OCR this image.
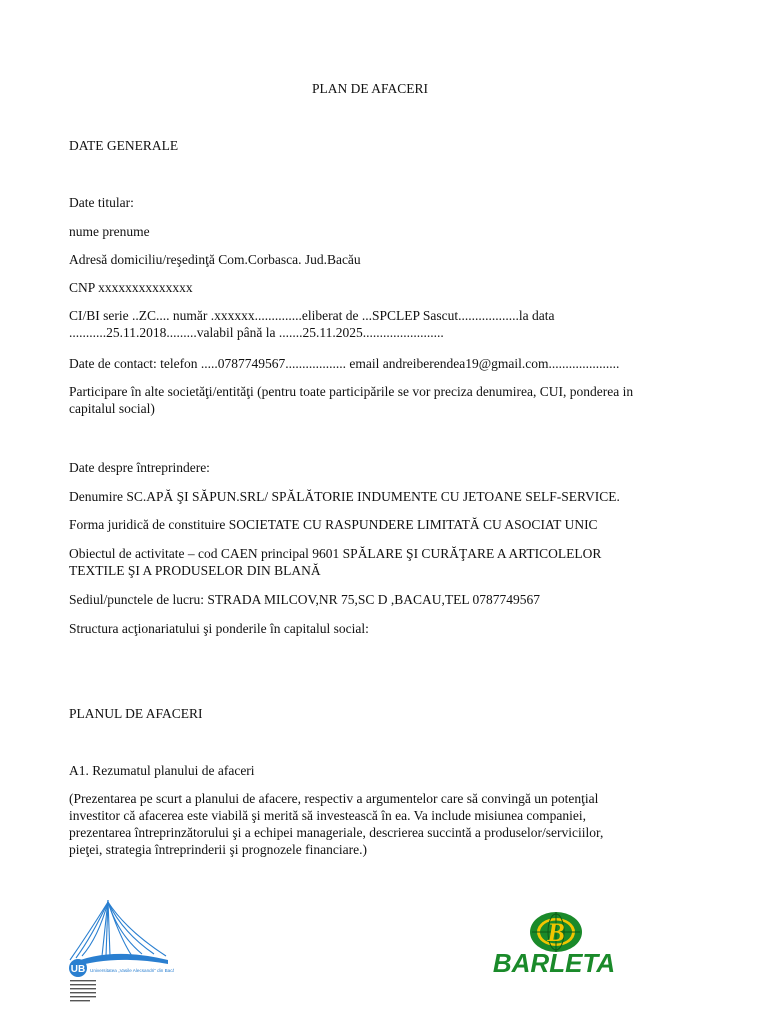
PLAN DE AFACERI
DATE GENERALE
Date titular:
nume prenume
Adresă domiciliu/reşedinţă Com.Corbasca. Jud.Bacău
CNP xxxxxxxxxxxxxx
CI/BI serie ..ZC.... număr .xxxxxx..............eliberat de ...SPCLEP Sascut..................la data
...........25.11.2018.........valabil până la .......25.11.2025........................
Date de contact: telefon .....0787749567.................. email andreiberendea19@gmail.com.....................
Participare în alte societăţi/entităţi (pentru toate participările se vor preciza denumirea, CUI, ponderea in
capitalul social)
Date despre întreprindere:
Denumire SC.APĂ ŞI SĂPUN.SRL/ SPĂLĂTORIE INDUMENTE CU JETOANE SELF-SERVICE.
Forma juridică de constituire SOCIETATE CU RASPUNDERE LIMITATĂ CU ASOCIAT UNIC
Obiectul de activitate – cod CAEN principal 9601 SPĂLARE ŞI CURĂŢARE A ARTICOLELOR
TEXTILE ŞI A PRODUSELOR DIN BLANĂ
Sediul/punctele de lucru: STRADA MILCOV,NR 75,SC D ,BACAU,TEL 0787749567
Structura acţionariatului şi ponderile în capitalul social:
PLANUL DE AFACERI
A1. Rezumatul planului de afaceri
(Prezentarea pe scurt a planului de afacere, respectiv a argumentelor care să convingă un potenţial
investitor că afacerea este viabilă şi merită să investească în ea. Va include misiunea companiei,
prezentarea întreprinzătorului şi a echipei manageriale, descrierea succintă a produselor/serviciilor,
pieţei, strategia întreprinderii şi prognozele financiare.)
UB Universitatea „Vasile Alecsandri" din Bacău
B
BARLETA
